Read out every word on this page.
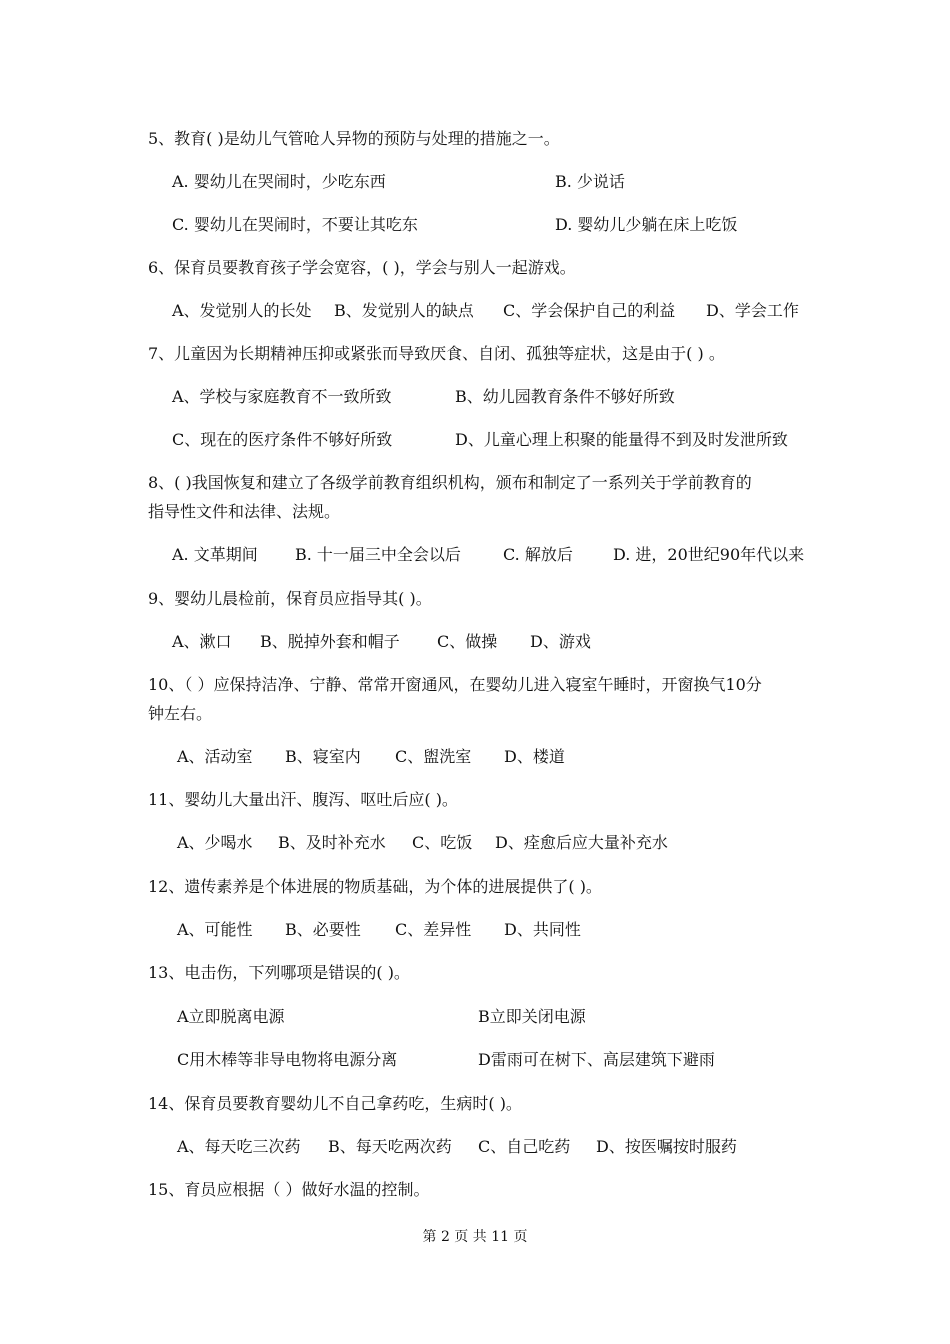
5、教育( )是幼儿气管呛人异物的预防与处理的措施之一。
A. 婴幼儿在哭闹时，少吃东西	B. 少说话
C. 婴幼儿在哭闹时，不要让其吃东	D. 婴幼儿少躺在床上吃饭
6、保育员要教育孩子学会宽容，( )，学会与别人一起游戏。
A、发觉别人的长处 B、发觉别人的缺点 C、学会保护自己的利益 D、学会工作
7、儿童因为长期精神压抑或紧张而导致厌食、自闭、孤独等症状，这是由于( ) 。
A、学校与家庭教育不一致所致	B、幼儿园教育条件不够好所致
C、现在的医疗条件不够好所致	D、儿童心理上积聚的能量得不到及时发泄所致
8、( )我国恢复和建立了各级学前教育组织机构，颁布和制定了一系列关于学前教育的
指导性文件和法律、法规。
A. 文革期间 B. 十一届三中全会以后	C. 解放后	D. 进，20世纪90年代以来
9、婴幼儿晨检前，保育员应指导其( )。
A、漱口 B、脱掉外套和帽子 C、做操 D、游戏
10、（ ）应保持洁净、宁静、常常开窗通风，在婴幼儿进入寝室午睡时，开窗换气10分
钟左右。
A、活动室 B、寝室内 C、盥洗室 D、楼道
11、婴幼儿大量出汗、腹泻、呕吐后应( )。
A、少喝水 B、及时补充水 C、吃饭 D、痊愈后应大量补充水
12、遗传素养是个体进展的物质基础，为个体的进展提供了( )。
A、可能性 B、必要性 C、差异性 D、共同性
13、电击伤，下列哪项是错误的( )。
A立即脱离电源	B立即关闭电源
C用木棒等非导电物将电源分离	D雷雨可在树下、高层建筑下避雨
14、保育员要教育婴幼儿不自己拿药吃，生病时( )。
A、每天吃三次药 B、每天吃两次药 C、自己吃药 D、按医嘱按时服药
15、育员应根据（ ）做好水温的控制。
第 2 页 共 11 页
